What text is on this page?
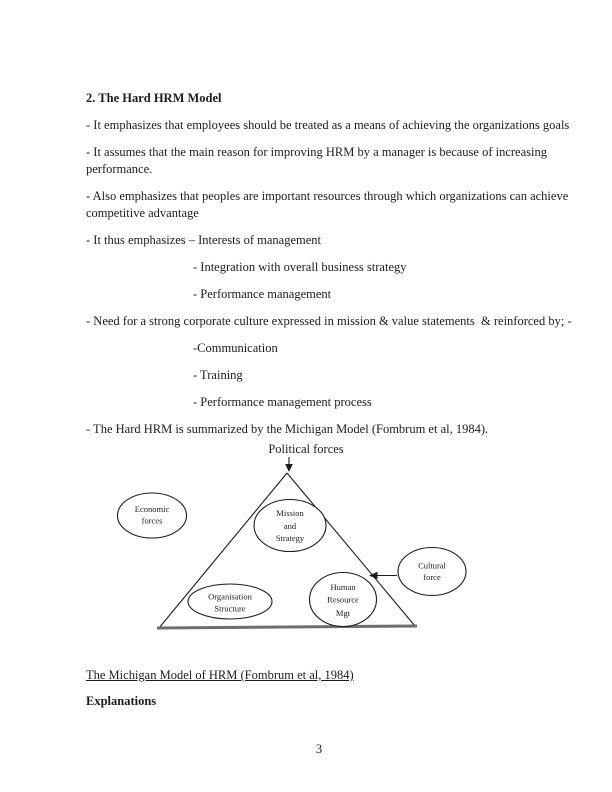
2. The Hard HRM Model

- It emphasizes that employees should be treated as a means of achieving the organizations goals

- It assumes that the main reason for improving HRM by a manager is because of increasing
performance.

- Also emphasizes that peoples are important resources through which organizations can achieve
competitive advantage

- It thus emphasizes – Interests of management

- Integration with overall business strategy

- Performance management

- Need for a strong corporate culture expressed in mission & value statements  & reinforced by; -

-Communication

- Training

- Performance management process

- The Hard HRM is summarized by the Michigan Model (Fombrum et al, 1984).

Political forces
Economic
forces
Mission
and
Strategy
Organisation
Structure
Human
Resource
Mgt
Cultural
force
The Michigan Model of HRM (Fombrum et al, 1984)
Explanations
3
